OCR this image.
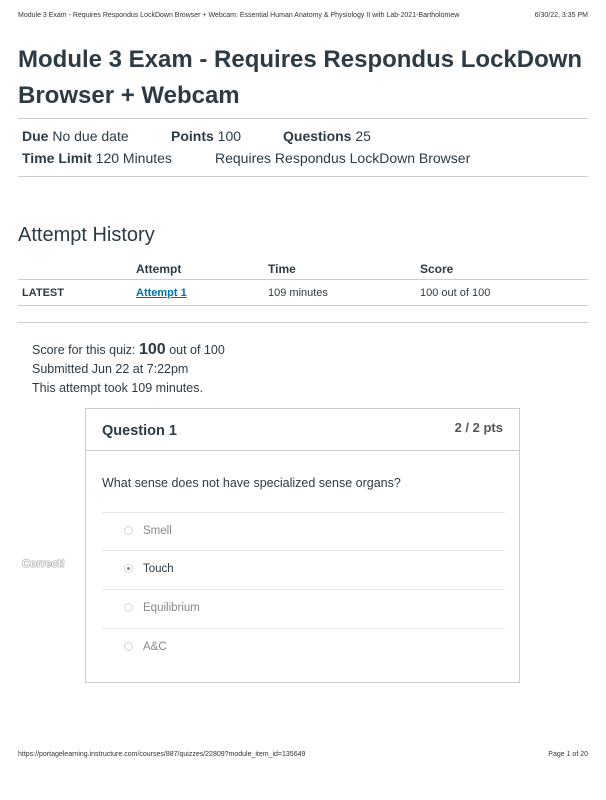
Module 3 Exam - Requires Respondus LockDown Browser + Webcam: Essential Human Anatomy & Physiology II with Lab-2021-Bartholomew	6/30/22, 3:35 PM
Module 3 Exam - Requires Respondus LockDown Browser + Webcam
Due No due date	Points 100	Questions 25
Time Limit 120 Minutes	Requires Respondus LockDown Browser
Attempt History
	Attempt	Time	Score
LATEST	Attempt 1	109 minutes	100 out of 100
Score for this quiz: 100 out of 100
Submitted Jun 22 at 7:22pm
This attempt took 109 minutes.
Correct!
Question 1	2 / 2 pts
What sense does not have specialized sense organs?
Smell
Touch
Equilibrium
A&C
https://portagelearning.instructure.com/courses/887/quizzes/22809?module_item_id=135649	Page 1 of 20
